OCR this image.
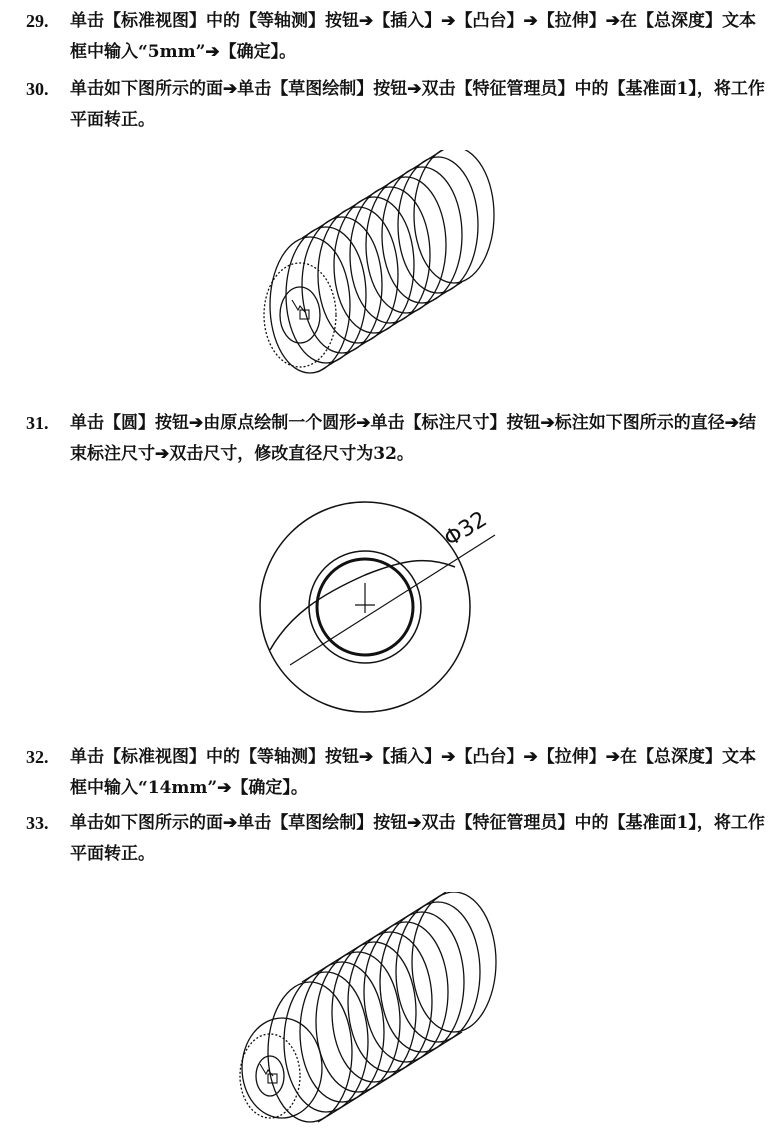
29.	单击【标准视图】中的【等轴测】按钮➔【插入】➔【凸台】➔【拉伸】➔在【总深度】文本框中输入“5mm”➔【确定】。
30.	单击如下图所示的面➔单击【草图绘制】按钮➔双击【特征管理员】中的【基准面1】，将工作平面转正。
31.	单击【圆】按钮➔由原点绘制一个圆形➔单击【标注尺寸】按钮➔标注如下图所示的直径➔结束标注尺寸➔双击尺寸，修改直径尺寸为32。
Φ32
32.	单击【标准视图】中的【等轴测】按钮➔【插入】➔【凸台】➔【拉伸】➔在【总深度】文本框中输入“14mm”➔【确定】。
33.	单击如下图所示的面➔单击【草图绘制】按钮➔双击【特征管理员】中的【基准面1】，将工作平面转正。
